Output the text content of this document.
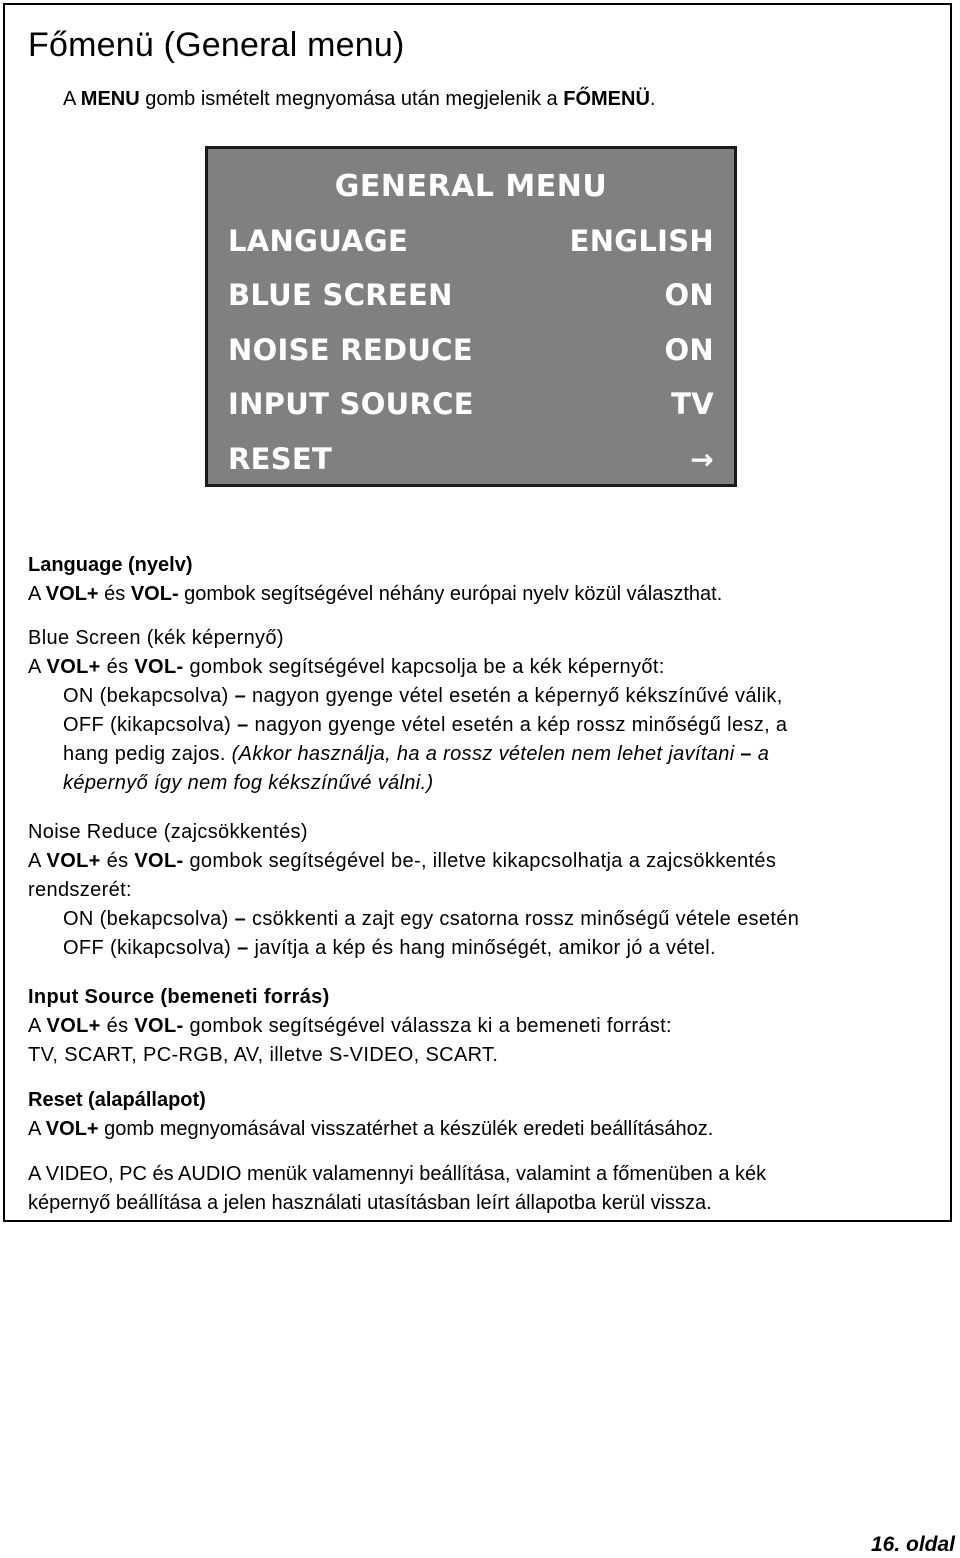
Főmenü (General menu)
A MENU gomb ismételt megnyomása után megjelenik a FŐMENÜ.
GENERAL MENU
LANGUAGE	ENGLISH
BLUE SCREEN	ON
NOISE REDUCE	ON
INPUT SOURCE	TV
RESET	→
Language (nyelv)
A VOL+ és VOL- gombok segítségével néhány európai nyelv közül választhat.
Blue Screen (kék képernyő)
A VOL+ és VOL- gombok segítségével kapcsolja be a kék képernyőt:
ON (bekapcsolva) – nagyon gyenge vétel esetén a képernyő kékszínűvé válik,
OFF (kikapcsolva) – nagyon gyenge vétel esetén a kép rossz minőségű lesz, a
hang pedig zajos. (Akkor használja, ha a rossz vételen nem lehet javítani – a
képernyő így nem fog kékszínűvé válni.)
Noise Reduce (zajcsökkentés)
A VOL+ és VOL- gombok segítségével be-, illetve kikapcsolhatja a zajcsökkentés
rendszerét:
ON (bekapcsolva) – csökkenti a zajt egy csatorna rossz minőségű vétele esetén
OFF (kikapcsolva) – javítja a kép és hang minőségét, amikor jó a vétel.
Input Source (bemeneti forrás)
A VOL+ és VOL- gombok segítségével válassza ki a bemeneti forrást:
TV, SCART, PC-RGB, AV, illetve S-VIDEO, SCART.
Reset (alapállapot)
A VOL+ gomb megnyomásával visszatérhet a készülék eredeti beállításához.
A VIDEO, PC és AUDIO menük valamennyi beállítása, valamint a főmenüben a kék
képernyő beállítása a jelen használati utasításban leírt állapotba kerül vissza.
16. oldal
